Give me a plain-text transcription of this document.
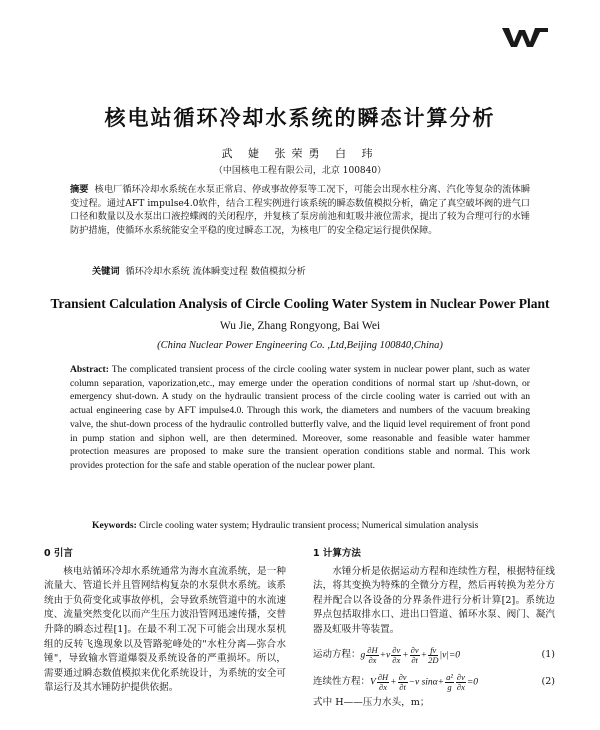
核电站循环冷却水系统的瞬态计算分析
武 婕 张荣勇 白 玮
（中国核电工程有限公司，北京 100840）
摘要 核电厂循环冷却水系统在水泵正常启、停或事故停泵等工况下，可能会出现水柱分离、汽化等复杂的流体瞬变过程。通过AFT impulse4.0软件，结合工程实例进行该系统的瞬态数值模拟分析，确定了真空破坏阀的进气口口径和数量以及水泵出口液控蝶阀的关闭程序，并复核了泵房前池和虹吸井液位需求，提出了较为合理可行的水锤防护措施，使循环水系统能安全平稳的度过瞬态工况，为核电厂的安全稳定运行提供保障。
关键词 循环冷却水系统 流体瞬变过程 数值模拟分析
Transient Calculation Analysis of Circle Cooling Water System in Nuclear Power Plant
Wu Jie, Zhang Rongyong, Bai Wei
(China Nuclear Power Engineering Co. ,Ltd,Beijing 100840,China)
Abstract: The complicated transient process of the circle cooling water system in nuclear power plant, such as water column separation, vaporization,etc., may emerge under the operation conditions of normal start up /shut-down, or emergency shut-down. A study on the hydraulic transient process of the circle cooling water is carried out with an actual engineering case by AFT impulse4.0. Through this work, the diameters and numbers of the vacuum breaking valve, the shut-down process of the hydraulic controlled butterfly valve, and the liquid level requirement of front pond in pump station and siphon well, are then determined. Moreover, some reasonable and feasible water hammer protection measures are proposed to make sure the transient operation conditions stable and normal. This work provides protection for the safe and stable operation of the nuclear power plant.
Keywords: Circle cooling water system; Hydraulic transient process; Numerical simulation analysis
0 引言
核电站循环冷却水系统通常为海水直流系统，是一种流量大、管道长并且管网结构复杂的水泵供水系统。该系统由于负荷变化或事故停机，会导致系统管道中的水流速度、流量突然变化以而产生压力波沿管网迅速传播，交替升降的瞬态过程[1]。在最不利工况下可能会出现水泵机组的反转飞逸现象以及管路驼峰处的"水柱分离—弥合水锤"，导致输水管道爆裂及系统设备的严重损坏。所以，需要通过瞬态数值模拟来优化系统设计，为系统的安全可靠运行及其水锤防护提供依据。
1 计算方法
水锤分析是依据运动方程和连续性方程，根据特征线法，将其变换为特殊的全微分方程，然后再转换为差分方程并配合以各设备的分界条件进行分析计算[2]。系统边界点包括取排水口、进出口管道、循环水泵、阀门、凝汽器及虹吸井等装置。
运动方程： g $\frac{\partial H}{\partial x} +v \frac{\partial v}{\partial x} + \frac{\partial v}{\partial t} + \frac{fv}{2D} |v|=0$	(1)
连续性方程： V $\frac{\partial H}{\partial x} + \frac{\partial v}{\partial t} -v$ $\sin\alpha+ \frac{\text{a²}}{g} \frac{\partial v}{\partial x} =0$	(2)
式中 H——压力水头，m；
